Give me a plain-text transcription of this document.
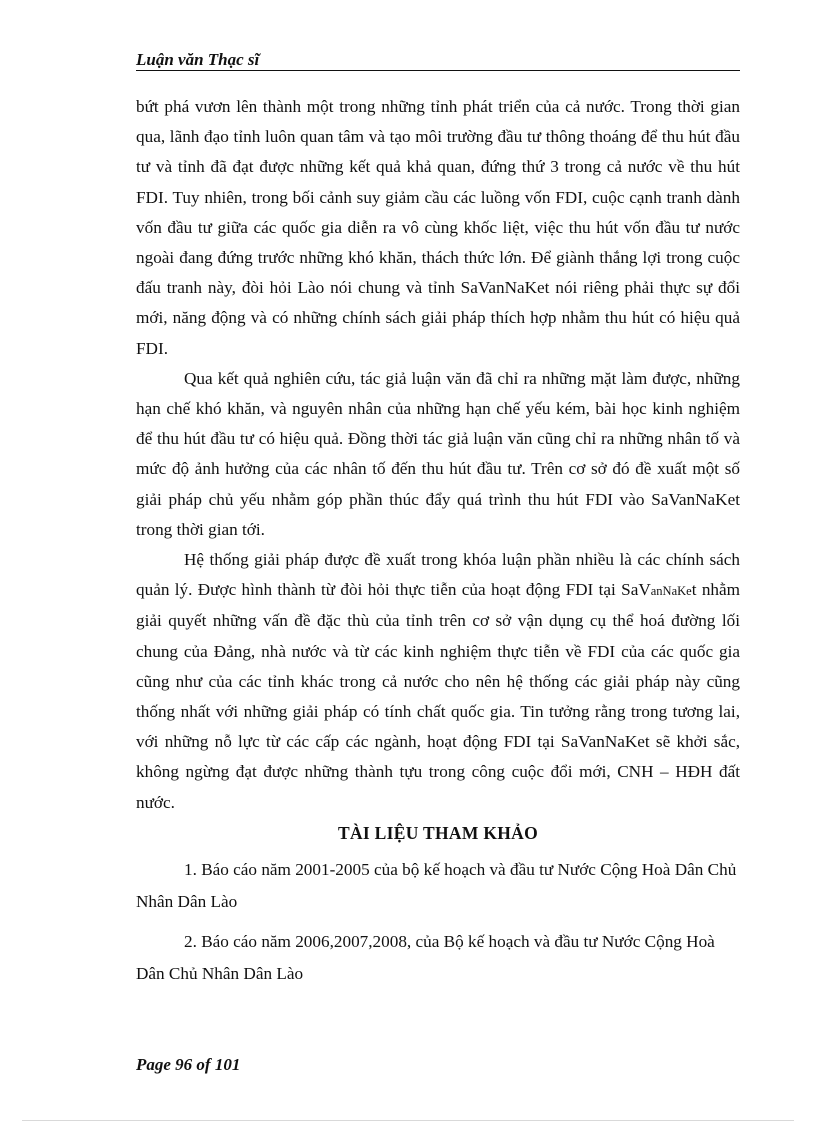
Luận văn Thạc sĩ

bứt phá vươn lên thành một trong những tỉnh phát triển của cả nước. Trong thời gian qua, lãnh đạo tỉnh luôn quan tâm và tạo môi trường đầu tư thông thoáng để thu hút đầu tư và tỉnh đã đạt được những kết quả khả quan, đứng thứ 3 trong cả nước về thu hút FDI. Tuy nhiên, trong bối cảnh suy giảm cầu các luồng vốn FDI, cuộc cạnh tranh dành vốn đầu tư giữa các quốc gia diễn ra vô cùng khốc liệt, việc thu hút vốn đầu tư nước ngoài đang đứng trước những khó khăn, thách thức lớn. Để giành thắng lợi trong cuộc đấu tranh này, đòi hỏi Lào nói chung và tỉnh SaVanNaKet nói riêng phải thực sự đổi mới, năng động và có những chính sách giải pháp thích hợp nhằm thu hút có hiệu quả FDI.

Qua kết quả nghiên cứu, tác giả luận văn đã chỉ ra những mặt làm được, những hạn chế khó khăn, và nguyên nhân của những hạn chế yếu kém, bài học kinh nghiệm để thu hút đầu tư có hiệu quả. Đồng thời tác giả luận văn cũng chỉ ra những nhân tố và mức độ ảnh hưởng của các nhân tố đến thu hút đầu tư. Trên cơ sở đó đề xuất một số giải pháp chủ yếu nhằm góp phần thúc đẩy quá trình thu hút FDI vào SaVanNaKet trong thời gian tới.

Hệ thống giải pháp được đề xuất trong khóa luận phần nhiều là các chính sách quản lý. Được hình thành từ đòi hỏi thực tiễn của hoạt động FDI tại SaVanNaKet nhằm giải quyết những vấn đề đặc thù của tỉnh trên cơ sở vận dụng cụ thể hoá đường lối chung của Đảng, nhà nước và từ các kinh nghiệm thực tiễn về FDI của các quốc gia cũng như của các tỉnh khác trong cả nước cho nên hệ thống các giải pháp này cũng thống nhất với những giải pháp có tính chất quốc gia. Tin tưởng rằng trong tương lai, với những nỗ lực từ các cấp các ngành, hoạt động FDI tại SaVanNaKet sẽ khởi sắc, không ngừng đạt được những thành tựu trong công cuộc đổi mới, CNH – HĐH đất nước.

TÀI LIỆU THAM KHẢO

1. Báo cáo năm 2001-2005 của bộ kế hoạch và đầu tư Nước Cộng Hoà Dân Chủ Nhân Dân Lào

2. Báo cáo năm 2006,2007,2008, của Bộ kế hoạch và đầu tư Nước Cộng Hoà Dân Chủ Nhân Dân Lào

Page 96 of 101
